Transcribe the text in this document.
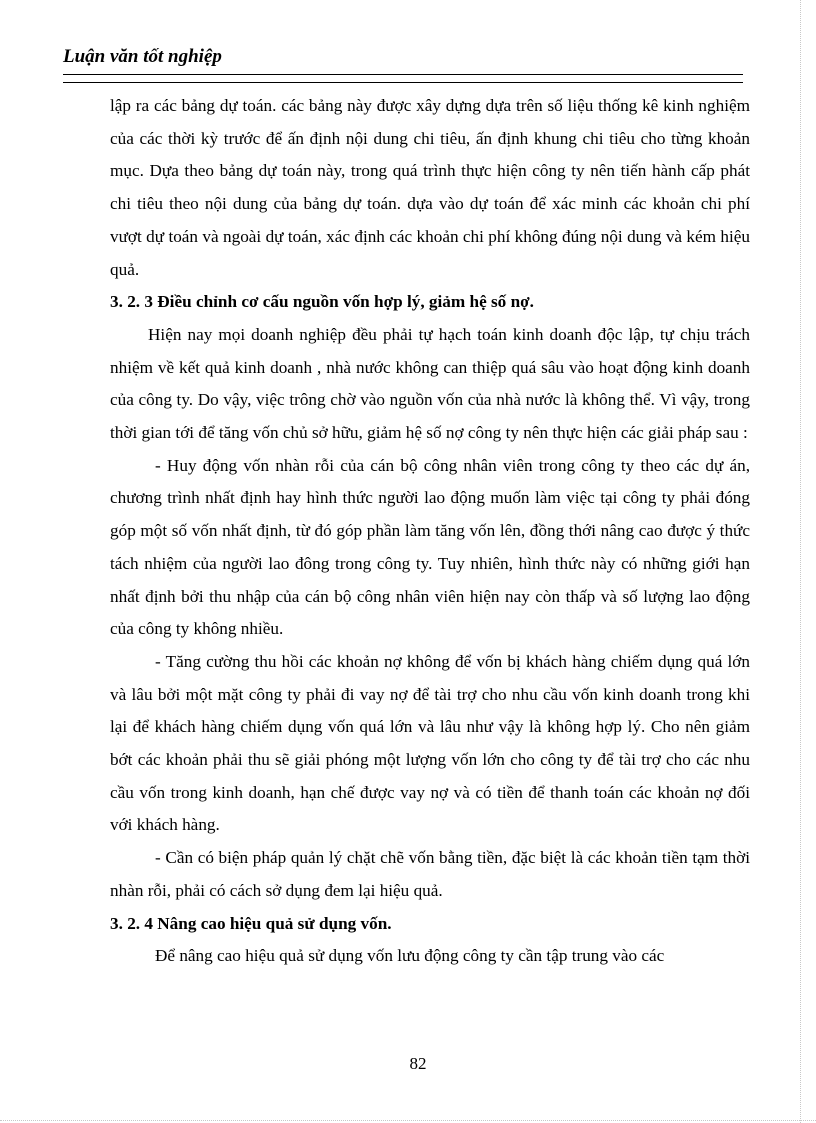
Luận văn tốt nghiệp

lập ra các bảng dự toán. các bảng này được xây dựng dựa trên số liệu thống kê kinh nghiệm của các thời kỳ trước để ấn định nội dung chi tiêu, ấn định khung chi tiêu cho từng khoản mục. Dựa theo bảng dự toán này, trong quá trình thực hiện công ty nên tiến hành cấp phát chi tiêu theo nội dung của bảng dự toán. dựa vào dự toán để xác minh các khoản chi phí vượt dự toán và ngoài dự toán, xác định các khoản chi phí không đúng nội dung và kém hiệu quả.

3. 2. 3 Điều chỉnh cơ cấu nguồn vốn hợp lý, giảm hệ số nợ.

Hiện nay mọi doanh nghiệp đều phải tự hạch toán kinh doanh độc lập, tự chịu trách nhiệm về kết quả kinh doanh , nhà nước không can thiệp quá sâu vào hoạt động kinh doanh của công ty. Do vậy, việc trông chờ vào nguồn vốn của nhà nước là không thể. Vì vậy, trong thời gian tới để tăng vốn chủ sở hữu, giảm hệ số nợ công ty nên thực hiện các giải pháp sau :

- Huy động vốn nhàn rỗi của cán bộ công nhân viên trong công ty theo các dự án, chương trình nhất định hay hình thức người lao động muốn làm việc tại công ty phải đóng góp một số vốn nhất định, từ đó góp phần làm tăng vốn lên, đồng thới nâng cao được ý thức tách nhiệm của người lao đông trong công ty. Tuy nhiên, hình thức này có những giới hạn nhất định bởi thu nhập của cán bộ công nhân viên hiện nay còn thấp và số lượng lao động của công ty không nhiều.

- Tăng cường thu hồi các khoản nợ không để vốn bị khách hàng chiếm dụng quá lớn và lâu bởi một mặt công ty phải đi vay nợ để tài trợ cho nhu cầu vốn kinh doanh trong khi lại để khách hàng chiếm dụng vốn quá lớn và lâu như vậy là không hợp lý. Cho nên giảm bớt các khoản phải thu sẽ giải phóng một lượng vốn lớn cho công ty để tài trợ cho các nhu cầu vốn trong kinh doanh, hạn chế được vay nợ và có tiền để thanh toán các khoản nợ đối với khách hàng.

- Cần có biện pháp quản lý chặt chẽ vốn bằng tiền, đặc biệt là các khoản tiền tạm thời nhàn rỗi, phải có cách sở dụng đem lại hiệu quả.

3. 2. 4 Nâng cao hiệu quả sử dụng vốn.

Để nâng cao hiệu quả sử dụng vốn lưu động công ty cần tập trung vào các

82
